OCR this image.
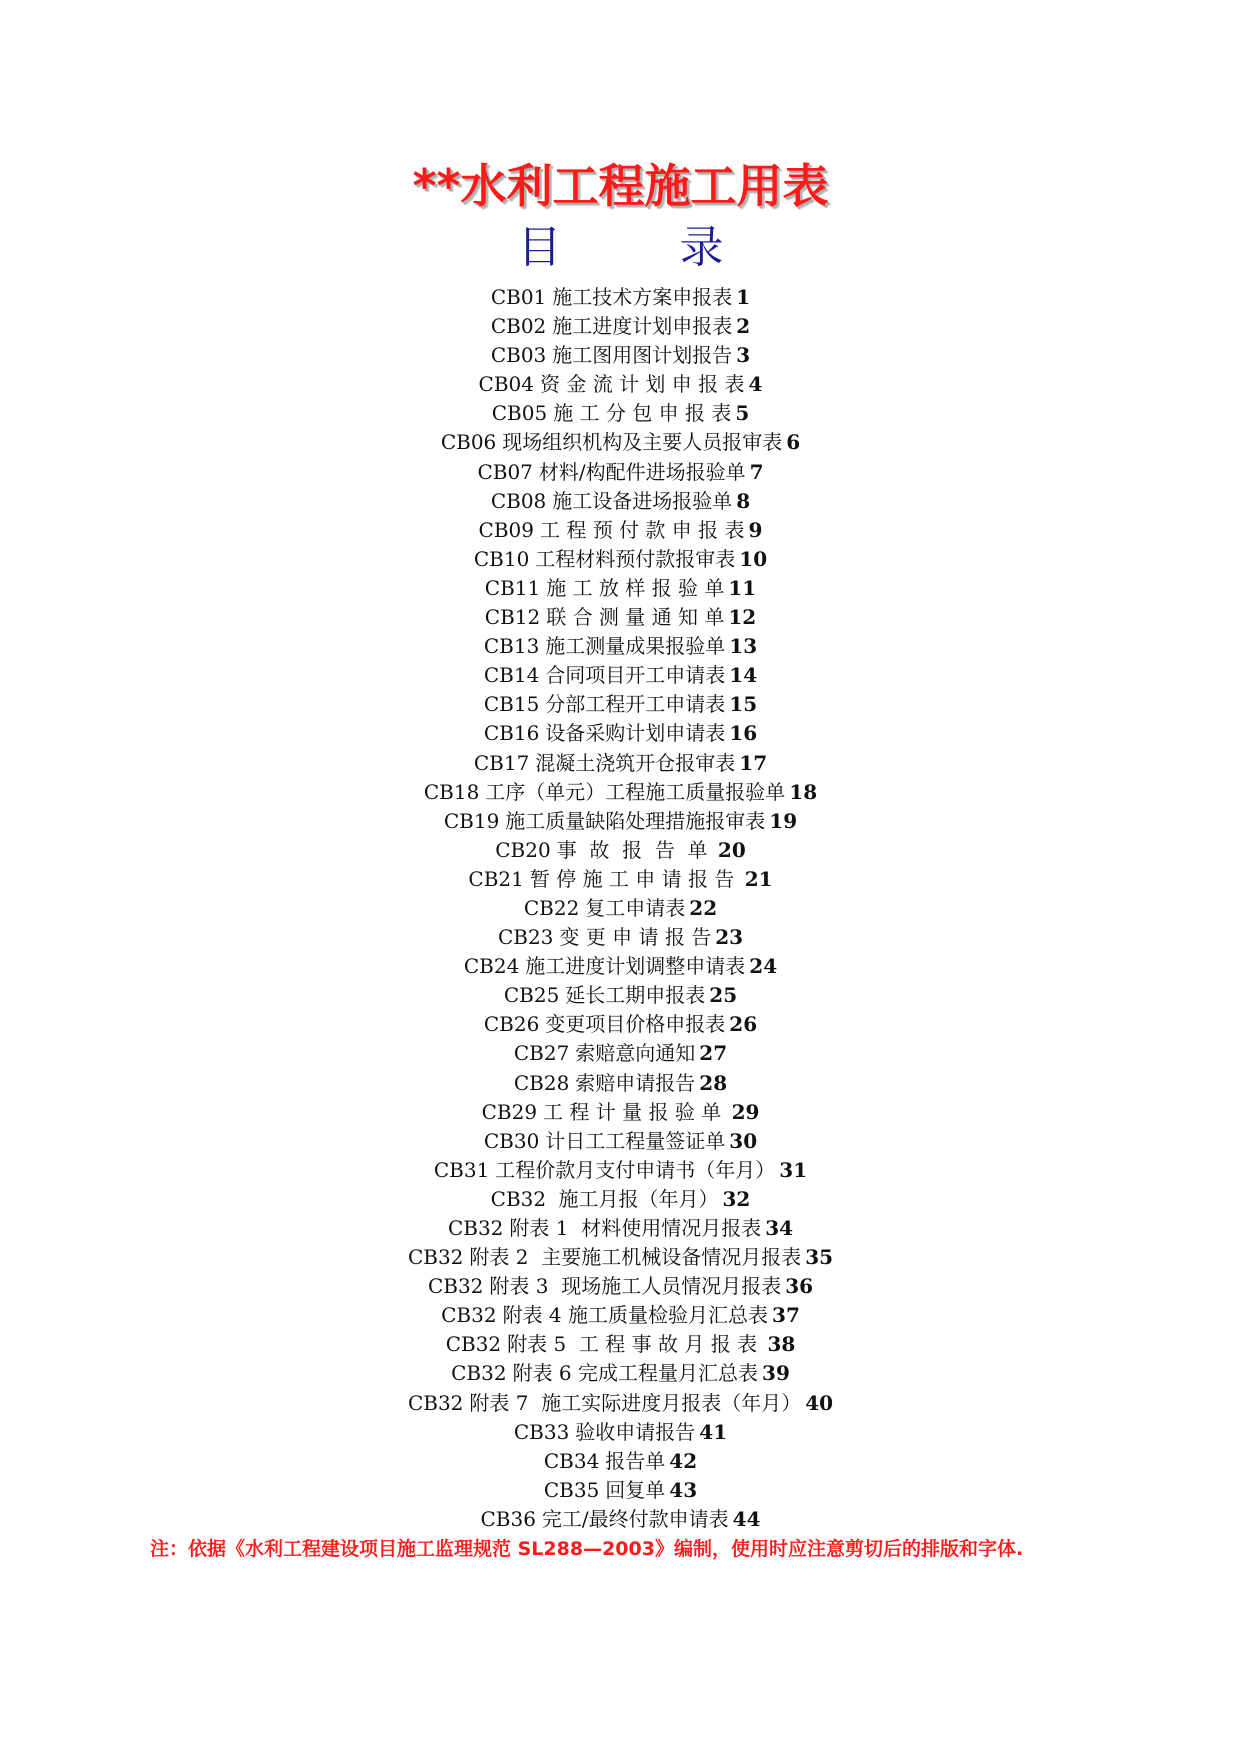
**水利工程施工用表
目	录
CB01 施工技术方案申报表 1
CB02 施工进度计划申报表 2
CB03 施工图用图计划报告 3
CB04 资 金 流 计 划 申 报 表 4
CB05 施 工 分 包 申 报 表 5
CB06 现场组织机构及主要人员报审表 6
CB07 材料/构配件进场报验单 7
CB08 施工设备进场报验单 8
CB09 工 程 预 付 款 申 报 表 9
CB10 工程材料预付款报审表 10
CB11 施 工 放 样 报 验 单 11
CB12 联 合 测 量 通 知 单 12
CB13 施工测量成果报验单 13
CB14 合同项目开工申请表 14
CB15 分部工程开工申请表 15
CB16 设备采购计划申请表 16
CB17 混凝土浇筑开仓报审表 17
CB18 工序（单元）工程施工质量报验单 18
CB19 施工质量缺陷处理措施报审表 19
CB20 事  故  报  告  单 20
CB21 暂 停 施 工 申 请 报 告 21
CB22 复工申请表 22
CB23 变 更 申 请 报 告 23
CB24 施工进度计划调整申请表 24
CB25 延长工期申报表 25
CB26 变更项目价格申报表 26
CB27 索赔意向通知 27
CB28 索赔申请报告 28
CB29 工 程 计 量 报 验 单 29
CB30 计日工工程量签证单 30
CB31 工程价款月支付申请书（年月） 31
CB32 施工月报（年月） 32
CB32 附表 1  材料使用情况月报表 34
CB32 附表 2  主要施工机械设备情况月报表 35
CB32 附表 3  现场施工人员情况月报表 36
CB32 附表 4 施工质量检验月汇总表 37
CB32 附表 5  工 程 事 故 月 报 表 38
CB32 附表 6 完成工程量月汇总表 39
CB32 附表 7  施工实际进度月报表（年月） 40
CB33 验收申请报告 41
CB34 报告单 42
CB35 回复单 43
CB36 完工/最终付款申请表 44
注：依据《水利工程建设项目施工监理规范 SL288—2003》编制，使用时应注意剪切后的排版和字体.
